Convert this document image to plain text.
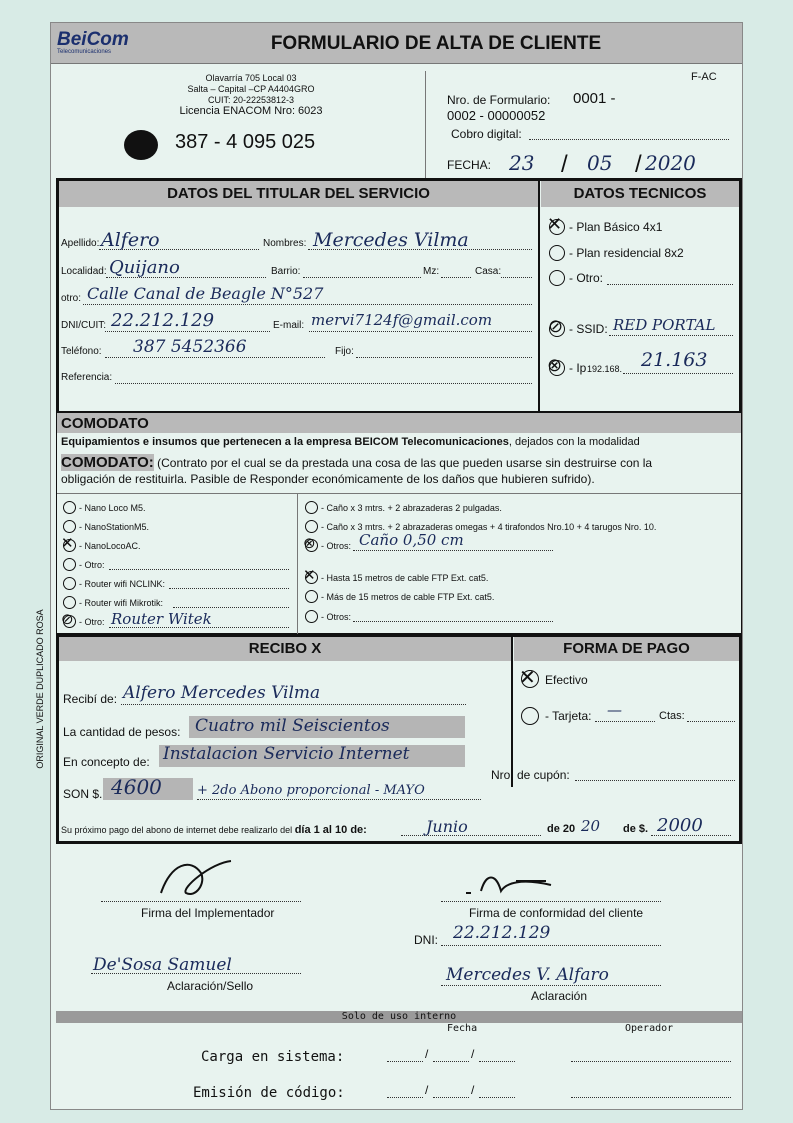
ORIGINAL VERDE DUPLICADO ROSA
BeiCom
Telecomunicaciones	FORMULARIO DE ALTA DE CLIENTE
Olavarría 705 Local 03
Salta – Capital –CP A4404GRO
CUIT: 20-22253812-3
Licencia ENACOM Nro: 6023
387 - 4 095 025
F-AC
Nro. de Formulario: 0001 -
0002 - 00000052
Cobro digital:
FECHA: 23 / 05 / 2020
DATOS DEL TITULAR DEL SERVICIO	DATOS TECNICOS
Apellido: Alfero	Nombres: Mercedes Vilma
Localidad: Quijano	Barrio:	Mz:	Casa:
otro: Calle Canal de Beagle N°527
DNI/CUIT: 22.212.129	E-mail: mervi7124f@gmail.com
Teléfono: 387 5452366	Fijo:
Referencia:
✕ - Plan Básico 4x1
- Plan residencial 8x2
- Otro:
⊘ - SSID: RED PORTAL
⊗ - Ip 192.168. 21.163
COMODATO
Equipamientos e insumos que pertenecen a la empresa BEICOM Telecomunicaciones, dejados con la modalidad
COMODATO: (Contrato por el cual se da prestada una cosa de las que pueden usarse sin destruirse con la
obligación de restituirla. Pasible de Responder económicamente de los daños que hubieren sufrido).
- Nano Loco M5.
- NanoStationM5.
✕ - NanoLocoAC.
- Otro:
- Router wifi NCLINK:
- Router wifi Mikrotik:
⊘ - Otro: Router Witek
- Caño x 3 mtrs. + 2 abrazaderas 2 pulgadas.
- Caño x 3 mtrs. + 2 abrazaderas omegas + 4 tirafondos Nro.10 + 4 tarugos Nro. 10.
⊗ - Otros: Caño 0,50 cm
✕ - Hasta 15 metros de cable FTP Ext. cat5.
- Más de 15 metros de cable FTP Ext. cat5.
- Otros:
RECIBO X	FORMA DE PAGO
Recibí de: Alfero Mercedes Vilma
La cantidad de pesos: Cuatro mil Seiscientos
En concepto de: Instalacion Servicio Internet
SON $. 4600	+ 2do Abono proporcional - MAYO
Su próximo pago del abono de internet debe realizarlo del día 1 al 10 de:	Junio	de 20 20 de $. 2000
✕ Efectivo
- Tarjeta: —	Ctas:
Nro. de cupón:
Firma del Implementador	Firma de conformidad del cliente
DNI: 22.212.129
De'Sosa Samuel
Aclaración/Sello
Mercedes V. Alfaro
Aclaración
Solo de uso interno
Fecha	Operador
Carga en sistema:	/	/
Emisión de código:	/	/
